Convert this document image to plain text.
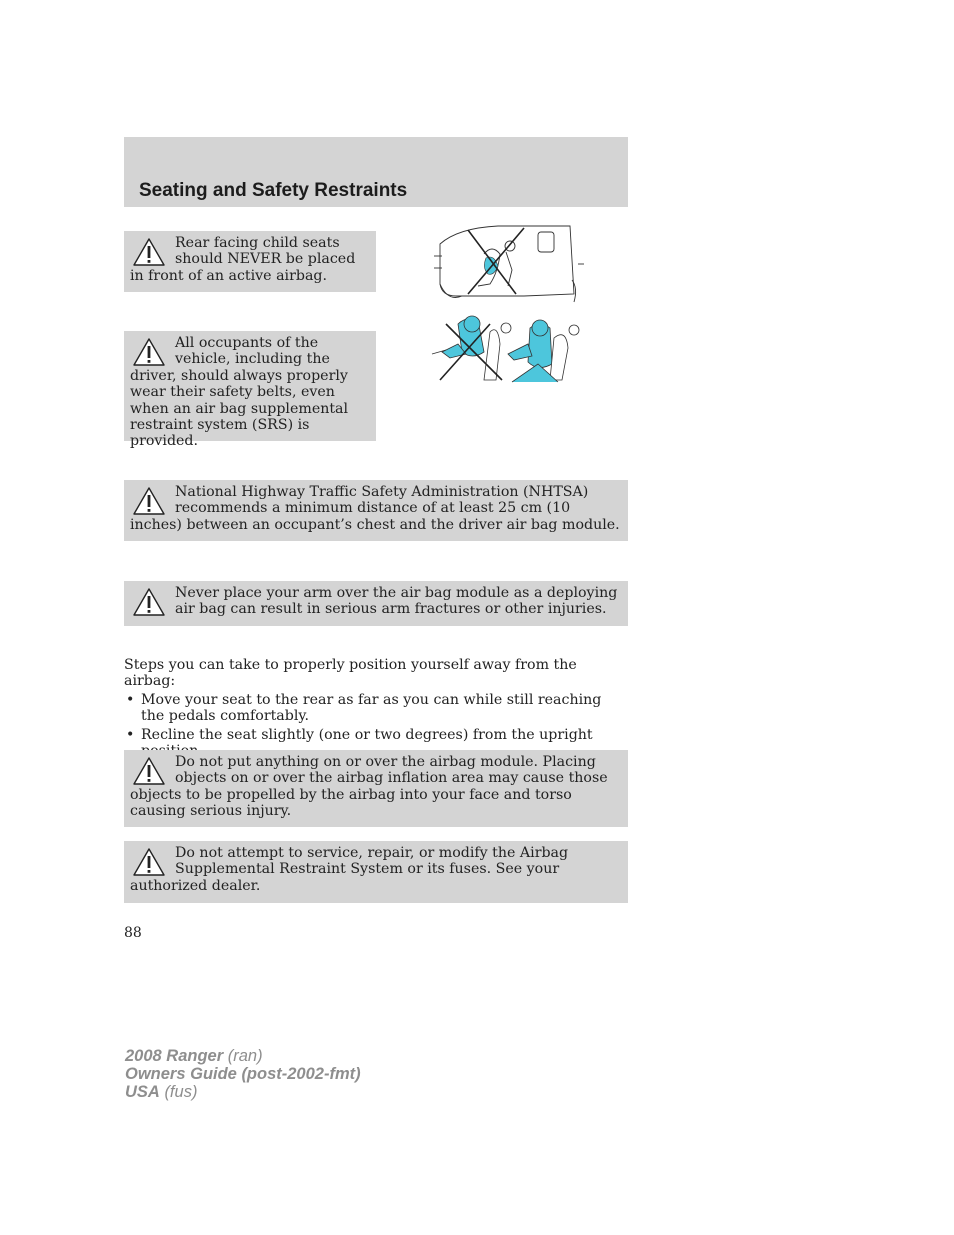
Seating and Safety Restraints
Rear facing child seats should NEVER be placed in front of an active airbag.
All occupants of the vehicle, including the driver, should always properly wear their safety belts, even when an air bag supplemental restraint system (SRS) is provided.
National Highway Traffic Safety Administration (NHTSA) recommends a minimum distance of at least 25 cm (10 inches) between an occupant’s chest and the driver air bag module.
Never place your arm over the air bag module as a deploying air bag can result in serious arm fractures or other injuries.

Steps you can take to properly position yourself away from the airbag:

• Move your seat to the rear as far as you can while still reaching the pedals comfortably.
• Recline the seat slightly (one or two degrees) from the upright
Do not put anything on or over the airbag module. Placing objects on or over the airbag inflation area may cause those objects to be propelled by the airbag into your face and torso causing serious injury.
Do not attempt to service, repair, or modify the Airbag Supplemental Restraint System or its fuses. See your authorized dealer.
88
2008 Ranger (ran)
Owners Guide (post-2002-fmt)
USA (fus)
